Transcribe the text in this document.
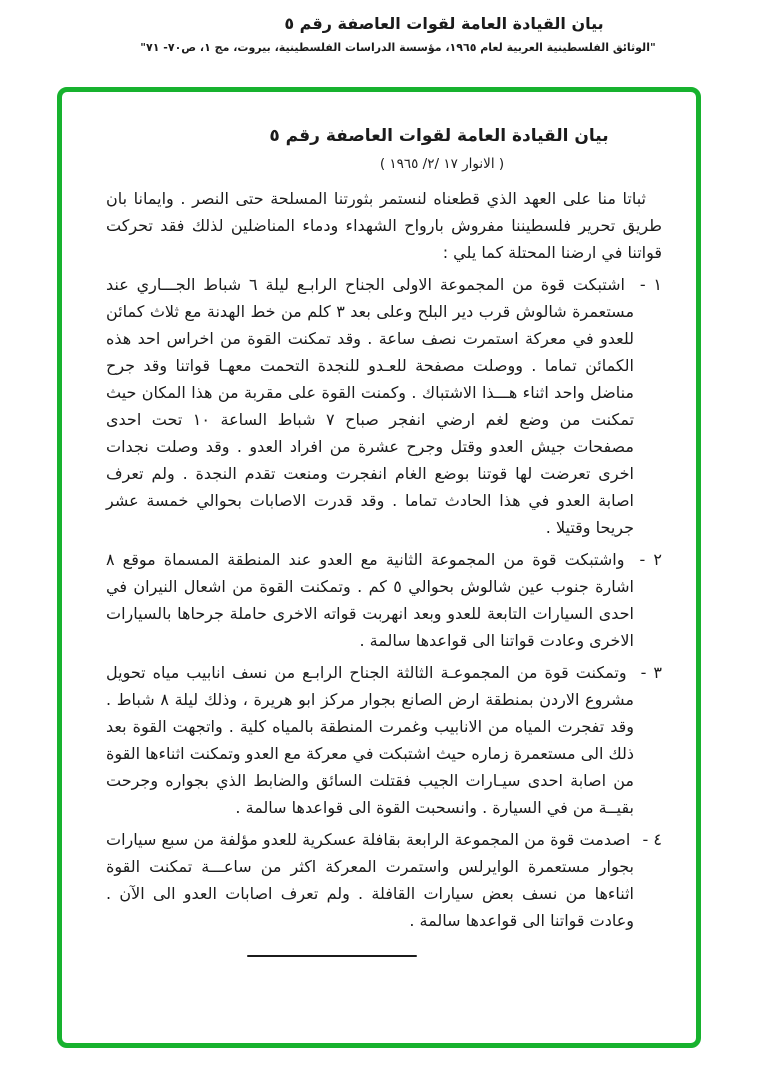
بيان القيادة العامة لقوات العاصفة رقم ٥
"الوثائق الفلسطينية العربية لعام ١٩٦٥، مؤسسة الدراسات الفلسطينية، بيروت، مج ١، ص٧٠- ٧١"
بيان القيادة العامة لقوات العاصفة رقم ٥
( الانوار ١٧ /٢/ ١٩٦٥ )

ثباتا منا على العهد الذي قطعناه لنستمر بثورتنا المسلحة حتى النصر . وايمانا بان طريق تحرير فلسطيننا مفروش بارواح الشهداء ودماء المناضلين لذلك فقد تحركت قواتنا في ارضنا المحتلة كما يلي :

١ - اشتبكت قوة من المجموعة الاولى الجناح الرابـع ليلة ٦ شباط الجـــاري عند مستعمرة شالوش قرب دير البلح وعلى بعد ٣ كلم من خط الهدنة مع ثلاث كمائن للعدو في معركة استمرت نصف ساعة . وقد تمكنت القوة من اخراس احد هذه الكمائن تماما . ووصلت مصفحة للعـدو للنجدة التحمت معهـا قواتنا وقد جرح مناضل واحد اثناء هـــذا الاشتباك . وكمنت القوة على مقربة من هذا المكان حيث تمكنت من وضع لغم ارضي انفجر صباح ٧ شباط الساعة ١٠ تحت احدى مصفحات جيش العدو وقتل وجرح عشرة من افراد العدو . وقد وصلت نجدات اخرى تعرضت لها قوتنا بوضع الغام انفجرت ومنعت تقدم النجدة . ولم تعرف اصابة العدو في هذا الحادث تماما . وقد قدرت الاصابات بحوالي خمسة عشر جريحا وقتيلا .
٢ - واشتبكت قوة من المجموعة الثانية مع العدو عند المنطقة المسماة موقع ٨ اشارة جنوب عين شالوش بحوالي ٥ كم . وتمكنت القوة من اشعال النيران في احدى السيارات التابعة للعدو وبعد انهربت قواته الاخرى حاملة جرحاها بالسيارات الاخرى وعادت قواتنا الى قواعدها سالمة .
٣ - وتمكنت قوة من المجموعـة الثالثة الجناح الرابـع من نسف انابيب مياه تحويل مشروع الاردن بمنطقة ارض الصانع بجوار مركز ابو هريرة ، وذلك ليلة ٨ شباط . وقد تفجرت المياه من الانابيب وغمرت المنطقة بالمياه كلية . واتجهت القوة بعد ذلك الى مستعمرة زماره حيث اشتبكت في معركة مع العدو وتمكنت اثناءها القوة من اصابة احدى سيـارات الجيب فقتلت السائق والضابط الذي بجواره وجرحت بقيــة من في السيارة . وانسحبت القوة الى قواعدها سالمة .
٤ - اصدمت قوة من المجموعة الرابعة بقافلة عسكرية للعدو مؤلفة من سبع سيارات بجوار مستعمرة الوايرلس واستمرت المعركة اكثر من ساعـــة تمكنت القوة اثناءها من نسف بعض سيارات القافلة . ولم تعرف اصابات العدو الى الآن . وعادت قواتنا الى قواعدها سالمة .
